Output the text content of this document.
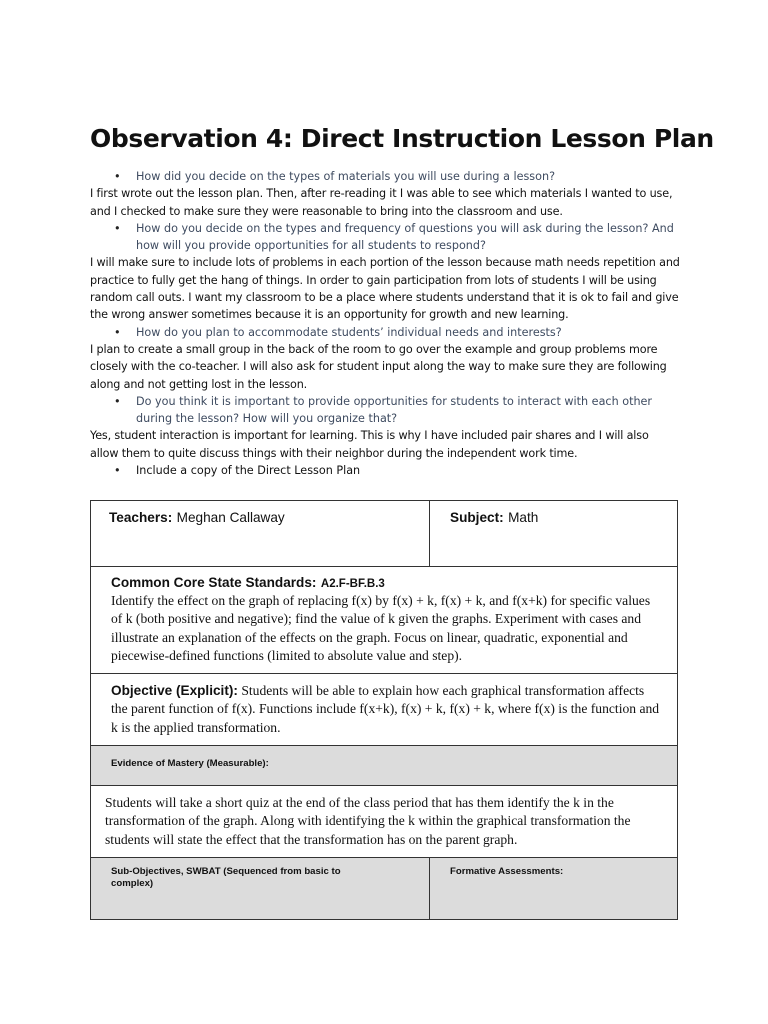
Observation 4: Direct Instruction Lesson Plan
• How did you decide on the types of materials you will use during a lesson?
I first wrote out the lesson plan. Then, after re-reading it I was able to see which materials I wanted to use, and I checked to make sure they were reasonable to bring into the classroom and use.
• How do you decide on the types and frequency of questions you will ask during the lesson? And how will you provide opportunities for all students to respond?
I will make sure to include lots of problems in each portion of the lesson because math needs repetition and practice to fully get the hang of things. In order to gain participation from lots of students I will be using random call outs. I want my classroom to be a place where students understand that it is ok to fail and give the wrong answer sometimes because it is an opportunity for growth and new learning.
• How do you plan to accommodate students’ individual needs and interests?
I plan to create a small group in the back of the room to go over the example and group problems more closely with the co-teacher. I will also ask for student input along the way to make sure they are following along and not getting lost in the lesson.
• Do you think it is important to provide opportunities for students to interact with each other during the lesson? How will you organize that?
Yes, student interaction is important for learning. This is why I have included pair shares and I will also allow them to quite discuss things with their neighbor during the independent work time.
• Include a copy of the Direct Lesson Plan
Teachers: Meghan Callaway	Subject: Math

Common Core State Standards: A2.F-BF.B.3
Identify the effect on the graph of replacing f(x) by f(x) + k, f(x) + k, and f(x+k) for specific values of k (both positive and negative); find the value of k given the graphs. Experiment with cases and illustrate an explanation of the effects on the graph. Focus on linear, quadratic, exponential and piecewise-defined functions (limited to absolute value and step).	

Objective (Explicit): Students will be able to explain how each graphical transformation affects the parent function of f(x). Functions include f(x+k), f(x) + k, f(x) + k, where f(x) is the function and k is the applied transformation.	

Evidence of Mastery (Measurable):	

Students will take a short quiz at the end of the class period that has them identify the k in the transformation of the graph. Along with identifying the k within the graphical transformation the students will state the effect that the transformation has on the parent graph.	

Sub-Objectives, SWBAT (Sequenced from basic to complex)	Formative Assessments:
